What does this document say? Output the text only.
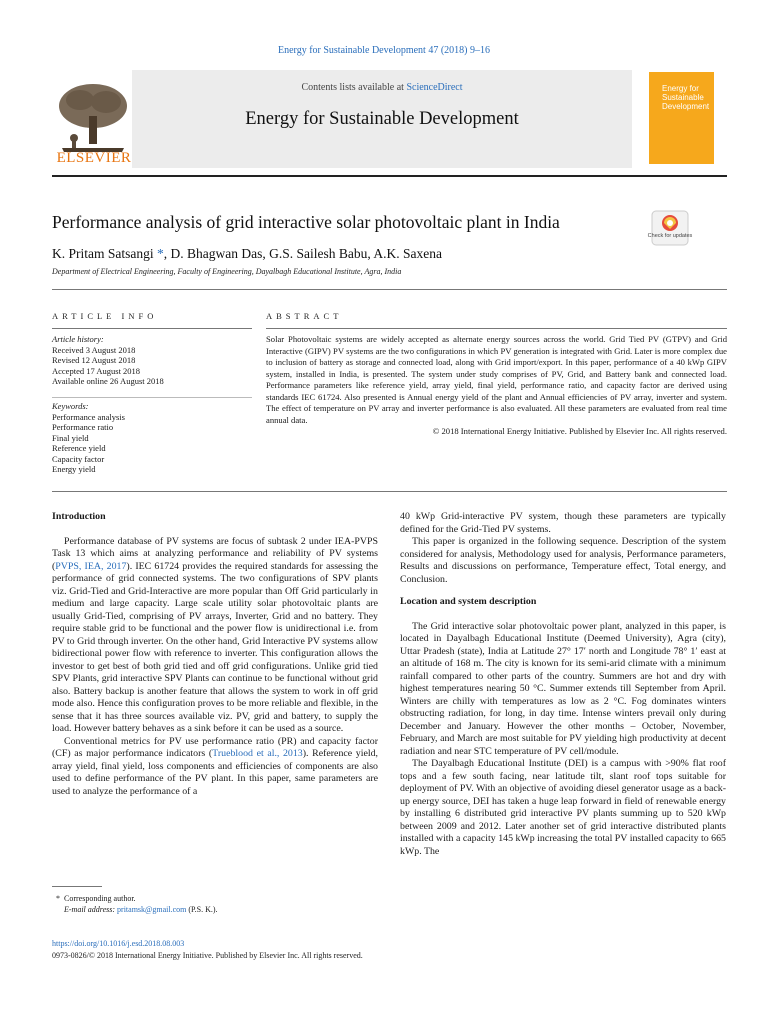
Energy for Sustainable Development 47 (2018) 9–16
Contents lists available at ScienceDirect
Energy for Sustainable Development
ELSEVIER
Energy for
Sustainable
Development
Performance analysis of grid interactive solar photovoltaic plant in India
Check for updates
K. Pritam Satsangi *, D. Bhagwan Das, G.S. Sailesh Babu, A.K. Saxena
Department of Electrical Engineering, Faculty of Engineering, Dayalbagh Educational Institute, Agra, India
ARTICLE INFO	ABSTRACT
Article history:
Received 3 August 2018
Revised 12 August 2018
Accepted 17 August 2018
Available online 26 August 2018
Keywords:
Performance analysis
Performance ratio
Final yield
Reference yield
Capacity factor
Energy yield
Solar Photovoltaic systems are widely accepted as alternate energy sources across the world. Grid Tied PV (GTPV) and Grid Interactive (GIPV) PV systems are the two configurations in which PV generation is integrated with Grid. Later is more complex due to inclusion of battery as storage and connected load, along with Grid import/export. In this paper, performance of a 40 kWp GIPV system, installed in India, is presented. The system under study comprises of PV, Grid, and Battery bank and connected load. Performance parameters like reference yield, array yield, final yield, performance ratio, and capacity factor are derived using standards IEC 61724. Also presented is Annual energy yield of the plant and Annual efficiencies of PV array, inverter and system. The effect of temperature on PV array and inverter performance is also evaluated. All these parameters are evaluated from real time annual data.
© 2018 International Energy Initiative. Published by Elsevier Inc. All rights reserved.

Introduction

Performance database of PV systems are focus of subtask 2 under IEA-PVPS Task 13 which aims at analyzing performance and reliability of PV systems (PVPS, IEA, 2017). IEC 61724 provides the required standards for assessing the performance of grid connected systems. The two configurations of SPV plants viz. Grid-Tied and Grid-Interactive are more popular than Off Grid particularly in medium and large capacity. Large scale utility solar photovoltaic plants are usually Grid-Tied, comprising of PV arrays, Inverter, Grid and no battery. They require stable grid to be functional and the power flow is unidirectional i.e. from PV to Grid through inverter. On the other hand, Grid Interactive PV systems allow bidirectional power flow with reference to inverter. This configuration allows the investor to get best of both grid tied and off grid configurations. Unlike grid tied SPV Plants, grid interactive SPV Plants can continue to be functional without grid also. Battery backup is another feature that allows the system to work in off grid mode also. Hence this configuration proves to be more reliable and flexible, in the sense that it has three sources available viz. PV, grid and battery, to supply the load. However battery behaves as a sink before it can be used as a source.

Conventional metrics for PV use performance ratio (PR) and capacity factor (CF) as major performance indicators (Trueblood et al., 2013). Reference yield, array yield, final yield, loss components and efficiencies of components are also used to define performance of the PV plant. In this paper, same parameters are used to analyze the performance of a

40 kWp Grid-interactive PV system, though these parameters are typically defined for the Grid-Tied PV systems.

This paper is organized in the following sequence. Description of the system considered for analysis, Methodology used for analysis, Performance parameters, Results and discussions on performance, Temperature effect, Total energy, and Conclusion.

Location and system description

The Grid interactive solar photovoltaic power plant, analyzed in this paper, is located in Dayalbagh Educational Institute (Deemed University), Agra (city), Uttar Pradesh (state), India at Latitude 27° 17′ north and Longitude 78° 1′ east at an altitude of 168 m. The city is known for its semi-arid climate with a minimum rainfall compared to other parts of the country. Summers are hot and dry with highest temperatures nearing 50 °C. Summer extends till September from April. Winters are chilly with temperatures as low as 2 °C. Fog dominates winters obstructing radiation, for long, in day time. Intense winters prevail only during December and January. However the other months – October, November, February, and March are most suitable for PV yielding high productivity at decent radiation and near STC temperature of PV cell/module.

The Dayalbagh Educational Institute (DEI) is a campus with >90% flat roof tops and a few south facing, near latitude tilt, slant roof tops suitable for deployment of PV. With an objective of avoiding diesel generator usage as a back-up energy source, DEI has taken a huge leap forward in field of renewable energy by installing 6 distributed grid interactive PV plants summing up to 520 kWp between 2009 and 2012. Later another set of grid interactive distributed plants installed with a capacity 145 kWp increasing the total PV installed capacity to 665 kWp. The

* Corresponding author.
E-mail address: pritamsk@gmail.com (P.S. K.).
https://doi.org/10.1016/j.esd.2018.08.003
0973-0826/© 2018 International Energy Initiative. Published by Elsevier Inc. All rights reserved.
